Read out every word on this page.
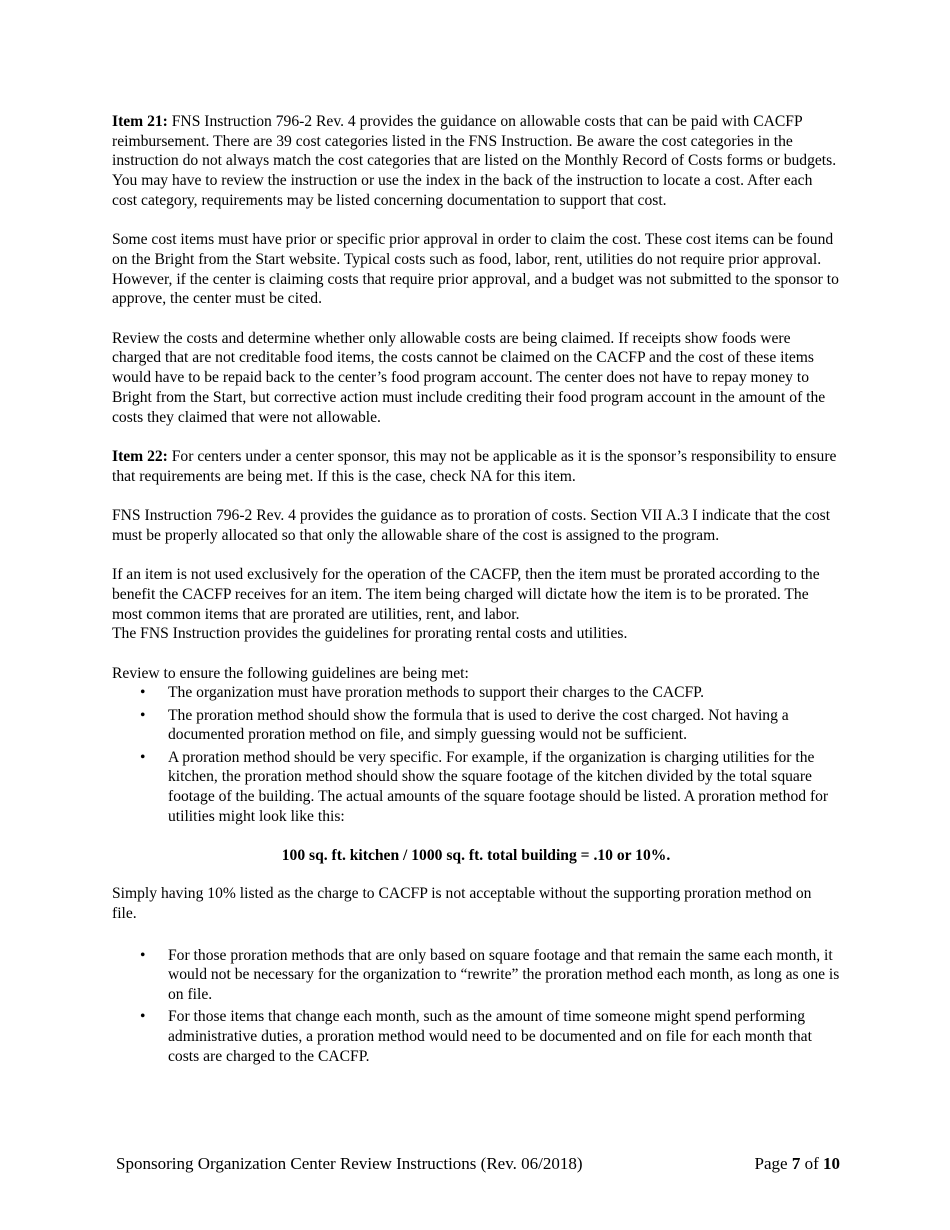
Item 21: FNS Instruction 796-2 Rev. 4 provides the guidance on allowable costs that can be paid with CACFP reimbursement. There are 39 cost categories listed in the FNS Instruction. Be aware the cost categories in the instruction do not always match the cost categories that are listed on the Monthly Record of Costs forms or budgets. You may have to review the instruction or use the index in the back of the instruction to locate a cost. After each cost category, requirements may be listed concerning documentation to support that cost.

Some cost items must have prior or specific prior approval in order to claim the cost. These cost items can be found on the Bright from the Start website. Typical costs such as food, labor, rent, utilities do not require prior approval. However, if the center is claiming costs that require prior approval, and a budget was not submitted to the sponsor to approve, the center must be cited.

Review the costs and determine whether only allowable costs are being claimed. If receipts show foods were charged that are not creditable food items, the costs cannot be claimed on the CACFP and the cost of these items would have to be repaid back to the center’s food program account. The center does not have to repay money to Bright from the Start, but corrective action must include crediting their food program account in the amount of the costs they claimed that were not allowable.

Item 22: For centers under a center sponsor, this may not be applicable as it is the sponsor’s responsibility to ensure that requirements are being met. If this is the case, check NA for this item.

FNS Instruction 796-2 Rev. 4 provides the guidance as to proration of costs. Section VII A.3 I indicate that the cost must be properly allocated so that only the allowable share of the cost is assigned to the program.

If an item is not used exclusively for the operation of the CACFP, then the item must be prorated according to the benefit the CACFP receives for an item. The item being charged will dictate how the item is to be prorated. The most common items that are prorated are utilities, rent, and labor.

The FNS Instruction provides the guidelines for prorating rental costs and utilities.

Review to ensure the following guidelines are being met:

• The organization must have proration methods to support their charges to the CACFP.
• The proration method should show the formula that is used to derive the cost charged. Not having a documented proration method on file, and simply guessing would not be sufficient.
• A proration method should be very specific. For example, if the organization is charging utilities for the kitchen, the proration method should show the square footage of the kitchen divided by the total square footage of the building. The actual amounts of the square footage should be listed. A proration method for utilities might look like this:
100 sq. ft. kitchen / 1000 sq. ft. total building = .10 or 10%.

Simply having 10% listed as the charge to CACFP is not acceptable without the supporting proration method on file.

• For those proration methods that are only based on square footage and that remain the same each month, it would not be necessary for the organization to “rewrite” the proration method each month, as long as one is on file.
• For those items that change each month, such as the amount of time someone might spend performing administrative duties, a proration method would need to be documented and on file for each month that costs are charged to the CACFP.
Sponsoring Organization Center Review Instructions (Rev. 06/2018)	Page 7 of 10
